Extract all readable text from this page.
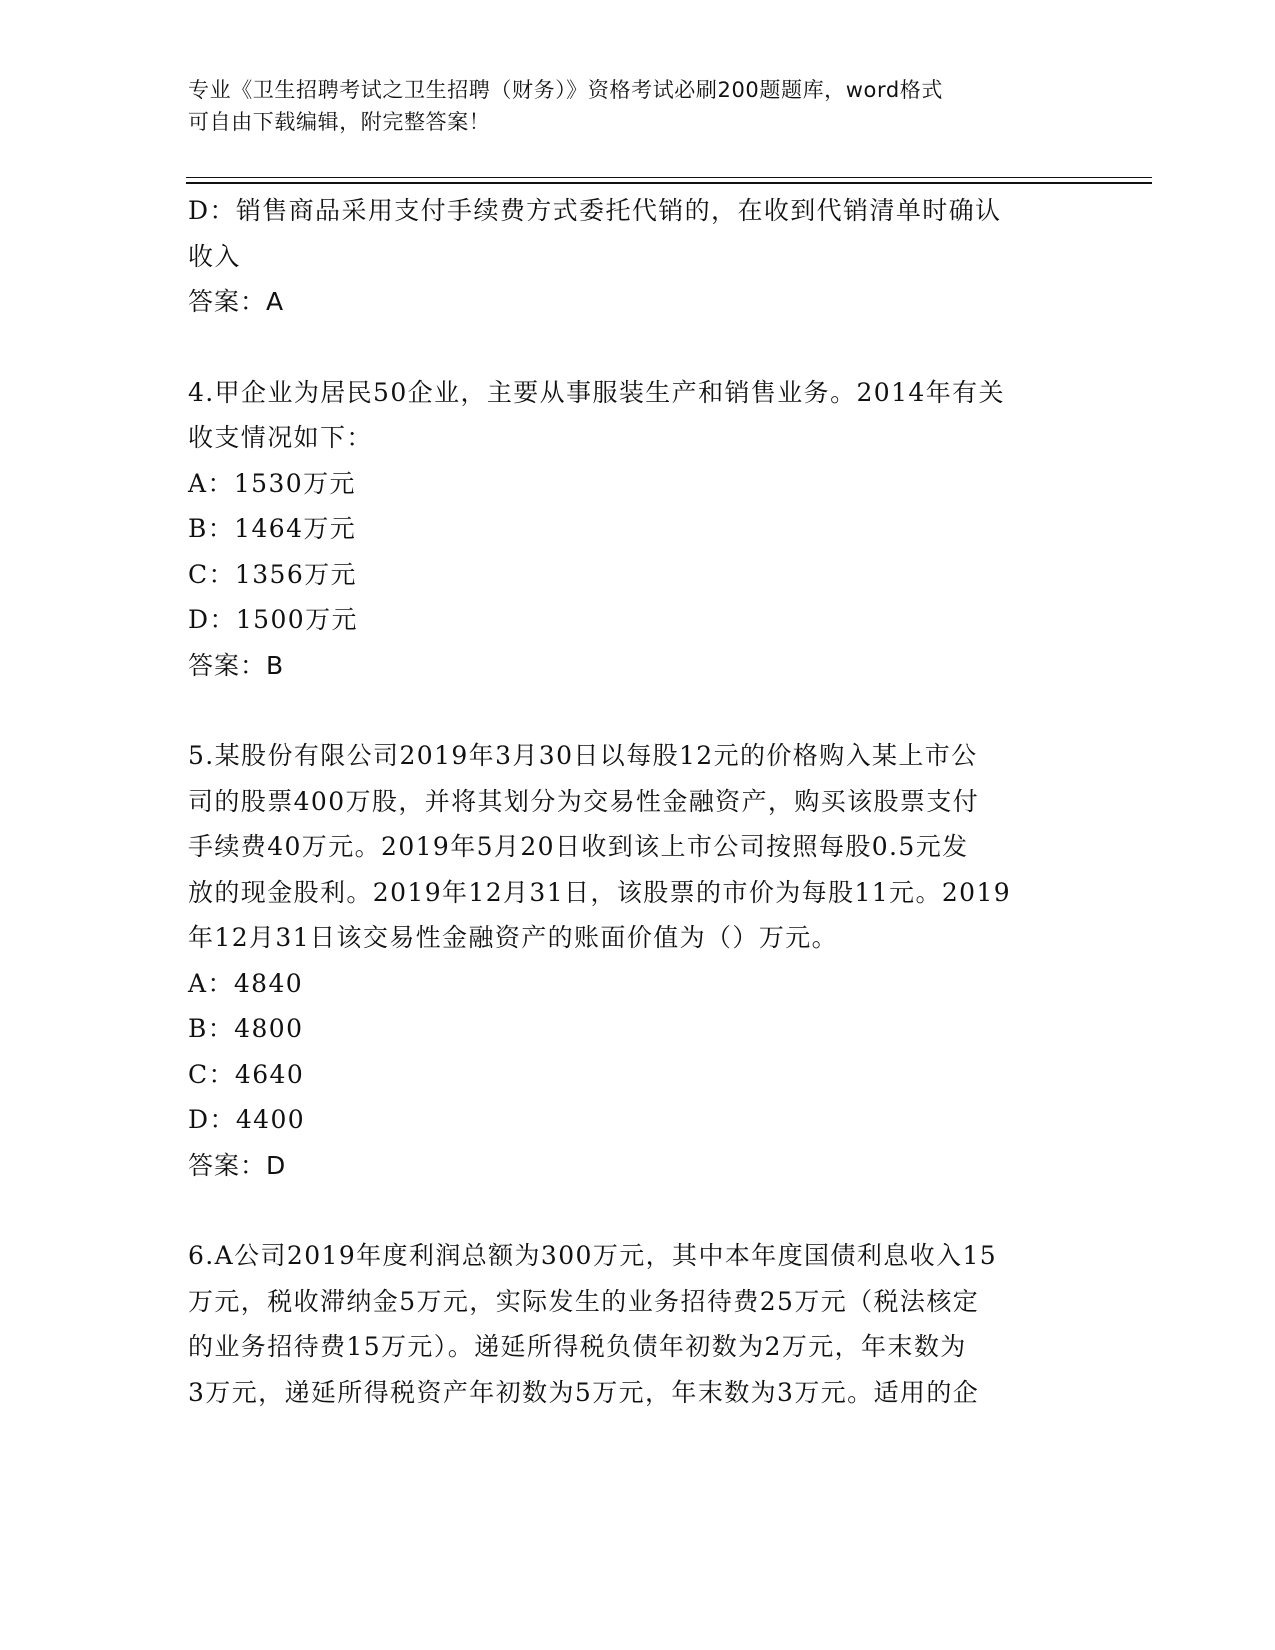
专业《卫生招聘考试之卫生招聘（财务）》资格考试必刷200题题库，word格式
可自由下载编辑，附完整答案！
D：销售商品采用支付手续费方式委托代销的，在收到代销清单时确认
收入
答案：A
4.甲企业为居民50企业，主要从事服装生产和销售业务。2014年有关
收支情况如下：
A：1530万元
B：1464万元
C：1356万元
D：1500万元
答案：B
5.某股份有限公司2019年3月30日以每股12元的价格购入某上市公
司的股票400万股，并将其划分为交易性金融资产，购买该股票支付
手续费40万元。2019年5月20日收到该上市公司按照每股0.5元发
放的现金股利。2019年12月31日，该股票的市价为每股11元。2019
年12月31日该交易性金融资产的账面价值为（）万元。
A：4840
B：4800
C：4640
D：4400
答案：D
6.A公司2019年度利润总额为300万元，其中本年度国债利息收入15
万元，税收滞纳金5万元，实际发生的业务招待费25万元（税法核定
的业务招待费15万元）。递延所得税负债年初数为2万元，年末数为
3万元，递延所得税资产年初数为5万元，年末数为3万元。适用的企
